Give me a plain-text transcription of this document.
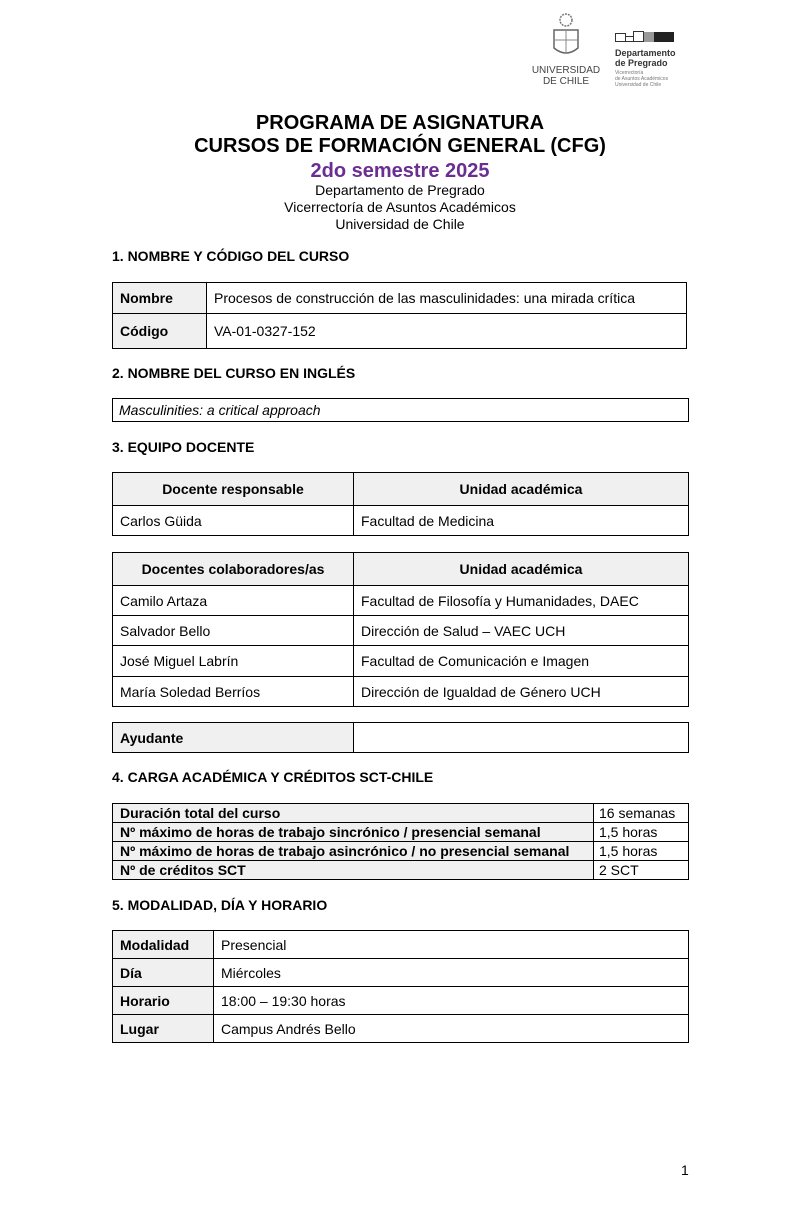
UNIVERSIDAD
DE CHILE
Departamento
de Pregrado
Vicerrectoría
de Asuntos Académicos
Universidad de Chile
PROGRAMA DE ASIGNATURA
CURSOS DE FORMACIÓN GENERAL (CFG)
2do semestre 2025
Departamento de Pregrado
Vicerrectoría de Asuntos Académicos
Universidad de Chile
1. NOMBRE Y CÓDIGO DEL CURSO
Nombre	Procesos de construcción de las masculinidades: una mirada crítica
Código	VA-01-0327-152
2. NOMBRE DEL CURSO EN INGLÉS
Masculinities: a critical approach
3. EQUIPO DOCENTE
Docente responsable	Unidad académica
Carlos Güida	Facultad de Medicina
Docentes colaboradores/as	Unidad académica
Camilo Artaza	Facultad de Filosofía y Humanidades, DAEC
Salvador Bello	Dirección de Salud – VAEC UCH
José Miguel Labrín	Facultad de Comunicación e Imagen
María Soledad Berríos	Dirección de Igualdad de Género UCH
Ayudante	
4. CARGA ACADÉMICA Y CRÉDITOS SCT-CHILE
Duración total del curso	16 semanas
Nº máximo de horas de trabajo sincrónico / presencial semanal	1,5 horas
Nº máximo de horas de trabajo asincrónico / no presencial semanal	1,5 horas
Nº de créditos SCT	2 SCT
5. MODALIDAD, DÍA Y HORARIO
Modalidad	Presencial
Día	Miércoles
Horario	18:00 – 19:30 horas
Lugar	Campus Andrés Bello
1
